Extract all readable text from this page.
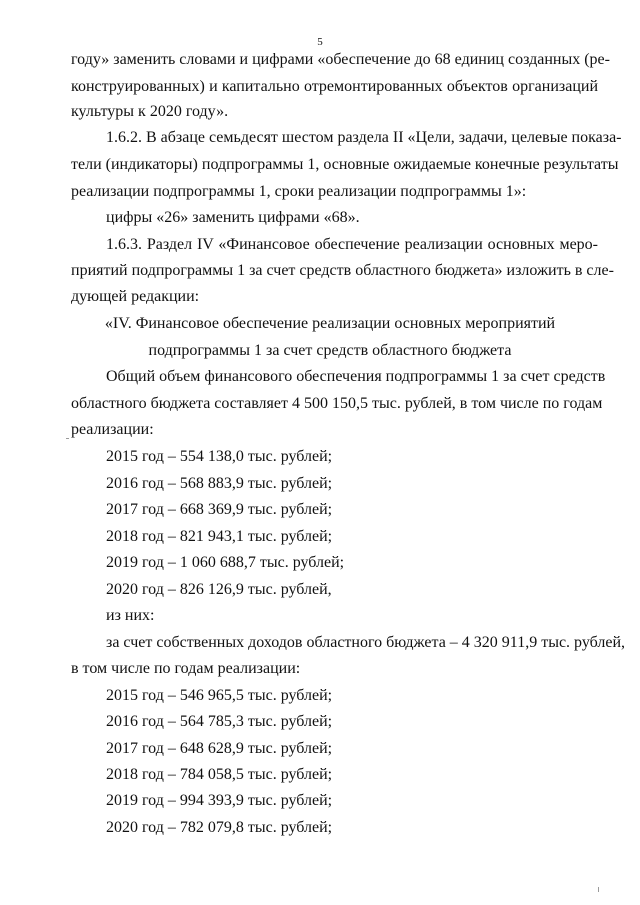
5
году» заменить словами и цифрами «обеспечение до 68 единиц созданных (ре-
конструированных) и капитально отремонтированных объектов организаций
культуры к 2020 году».
1.6.2. В абзаце семьдесят шестом раздела II «Цели, задачи, целевые показа-
тели (индикаторы) подпрограммы 1, основные ожидаемые конечные результаты
реализации подпрограммы 1, сроки реализации подпрограммы 1»:
цифры «26» заменить цифрами «68».
1.6.3. Раздел IV «Финансовое обеспечение реализации основных меро-
приятий подпрограммы 1 за счет средств областного бюджета» изложить в сле-
дующей редакции:
«IV. Финансовое обеспечение реализации основных мероприятий
подпрограммы 1 за счет средств областного бюджета
Общий объем финансового обеспечения подпрограммы 1 за счет средств
областного бюджета составляет 4 500 150,5 тыс. рублей, в том числе по годам
реализации:
2015 год – 554 138,0 тыс. рублей;
2016 год – 568 883,9 тыс. рублей;
2017 год – 668 369,9 тыс. рублей;
2018 год – 821 943,1 тыс. рублей;
2019 год – 1 060 688,7 тыс. рублей;
2020 год – 826 126,9 тыс. рублей,
из них:
за счет собственных доходов областного бюджета – 4 320 911,9 тыс. рублей,
в том числе по годам реализации:
2015 год – 546 965,5 тыс. рублей;
2016 год – 564 785,3 тыс. рублей;
2017 год – 648 628,9 тыс. рублей;
2018 год – 784 058,5 тыс. рублей;
2019 год – 994 393,9 тыс. рублей;
2020 год – 782 079,8 тыс. рублей;
